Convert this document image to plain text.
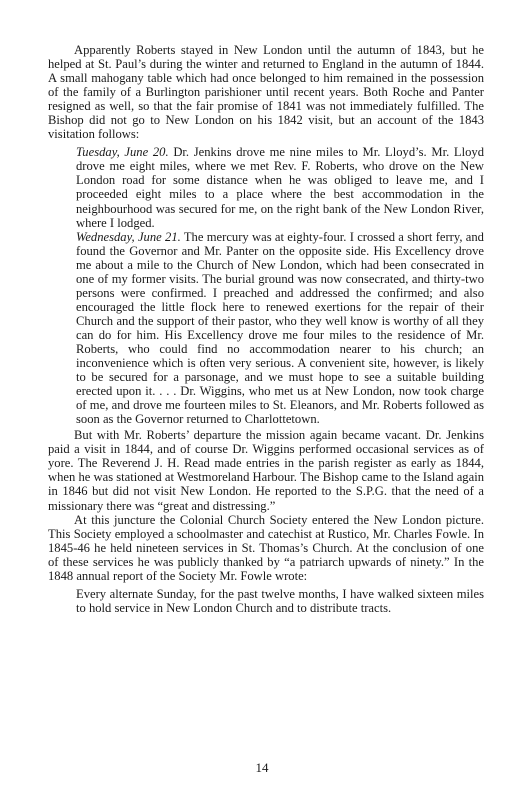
Apparently Roberts stayed in New London until the autumn of 1843, but he helped at St. Paul’s during the winter and returned to England in the autumn of 1844. A small mahogany table which had once belonged to him remained in the possession of the family of a Burlington parishioner until recent years. Both Roche and Panter resigned as well, so that the fair promise of 1841 was not immediately fulfilled. The Bishop did not go to New London on his 1842 visit, but an account of the 1843 visitation follows:

Tuesday, June 20. Dr. Jenkins drove me nine miles to Mr. Lloyd’s. Mr. Lloyd drove me eight miles, where we met Rev. F. Roberts, who drove on the New London road for some distance when he was obliged to leave me, and I proceeded eight miles to a place where the best accommodation in the neighbourhood was secured for me, on the right bank of the New London River, where I lodged.

Wednesday, June 21. The mercury was at eighty-four. I crossed a short ferry, and found the Governor and Mr. Panter on the opposite side. His Excellency drove me about a mile to the Church of New London, which had been consecrated in one of my former visits. The burial ground was now consecrated, and thirty-two persons were confirmed. I preached and addressed the confirmed; and also encouraged the little flock here to renewed exertions for the repair of their Church and the support of their pastor, who they well know is worthy of all they can do for him. His Excellency drove me four miles to the residence of Mr. Roberts, who could find no accommodation nearer to his church; an inconvenience which is often very serious. A convenient site, however, is likely to be secured for a parsonage, and we must hope to see a suitable building erected upon it. . . . Dr. Wiggins, who met us at New London, now took charge of me, and drove me fourteen miles to St. Eleanors, and Mr. Roberts followed as soon as the Governor returned to Charlottetown.

But with Mr. Roberts’ departure the mission again became vacant. Dr. Jenkins paid a visit in 1844, and of course Dr. Wiggins performed occasional services as of yore. The Reverend J. H. Read made entries in the parish register as early as 1844, when he was stationed at Westmoreland Harbour. The Bishop came to the Island again in 1846 but did not visit New London. He reported to the S.P.G. that the need of a missionary there was “great and distressing.”

At this juncture the Colonial Church Society entered the New London picture. This Society employed a schoolmaster and catechist at Rustico, Mr. Charles Fowle. In 1845-46 he held nineteen services in St. Thomas’s Church. At the conclusion of one of these services he was publicly thanked by “a patriarch upwards of ninety.” In the 1848 annual report of the Society Mr. Fowle wrote:

Every alternate Sunday, for the past twelve months, I have walked sixteen miles to hold service in New London Church and to distribute tracts.

14
